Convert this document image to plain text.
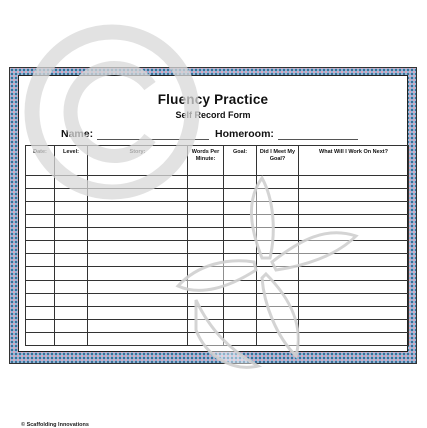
Fluency Practice
Self Record Form
Name:	Homeroom:
Date:	Level:	Story:	Words Per Minute:	Goal:	Did I Meet My Goal?	What Will I Work On Next?

© Scaffolding Innovations
